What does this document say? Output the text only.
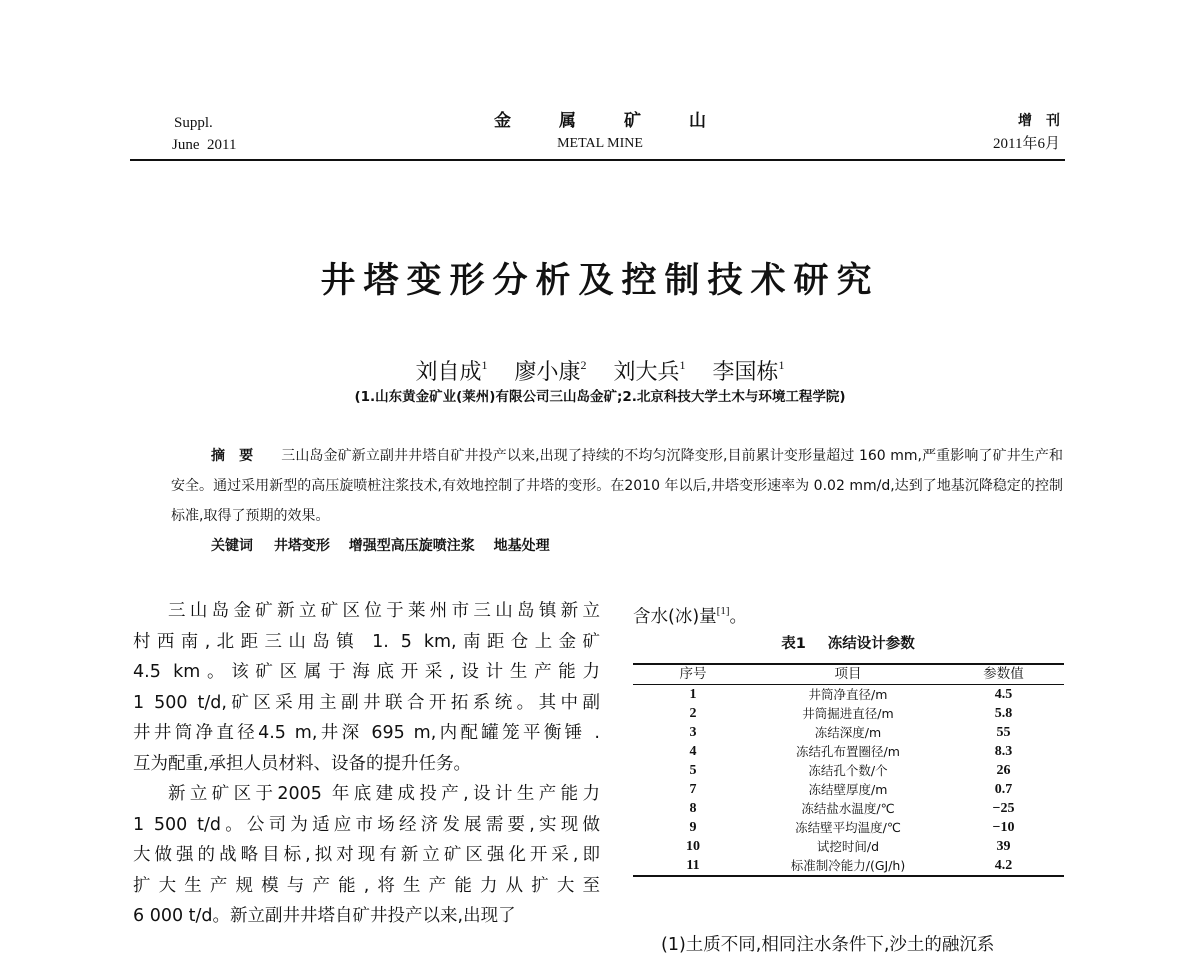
Suppl.
June  2011
金属矿山
METAL MINE
增刊
2011年6月
井塔变形分析及控制技术研究
刘自成$^1$ 廖小康$^2$ 刘大兵$^1$ 李国栋$^1$
(1.山东黄金矿业(莱州)有限公司三山岛金矿;2.北京科技大学土木与环境工程学院)
摘要 三山岛金矿新立副井井塔自矿井投产以来,出现了持续的不均匀沉降变形,目前累计变形量超过 160 mm,严重影响了矿井生产和安全。通过采用新型的高压旋喷桩注浆技术,有效地控制了井塔的变形。在2010 年以后,井塔变形速率为 0.02 mm/d,达到了地基沉降稳定的控制标准,取得了预期的效果。
关键词 井塔变形 增强型高压旋喷注浆 地基处理
三山岛金矿新立矿区位于莱州市三山岛镇新立
村西南,北距三山岛镇 1. 5 km,南距仓上金矿
4.5 km。该矿区属于海底开采,设计生产能力
1 500 t/d,矿区采用主副井联合开拓系统。其中副
井井筒净直径4.5 m,井深 695 m,内配罐笼平衡锤 .
互为配重,承担人员材料、设备的提升任务。
新立矿区于2005 年底建成投产,设计生产能力
1 500 t/d。公司为适应市场经济发展需要,实现做
大做强的战略目标,拟对现有新立矿区强化开采,即
扩大生产规模与产能,将生产能力从扩大至
6 000 t/d。新立副井井塔自矿井投产以来,出现了
含水(冰)量[1]。
表1 冻结设计参数
序号	项目	参数值
1	井筒净直径/m	4.5
2	井筒掘进直径/m	5.8
3	冻结深度/m	55
4	冻结孔布置圈径/m	8.3
5	冻结孔个数/个	26
7	冻结壁厚度/m	0.7
8	冻结盐水温度/℃	−25
9	冻结壁平均温度/℃	−10
10	试挖时间/d	39
11	标准制冷能力/(GJ/h)	4.2
(1)土质不同,相同注水条件下,沙土的融沉系
